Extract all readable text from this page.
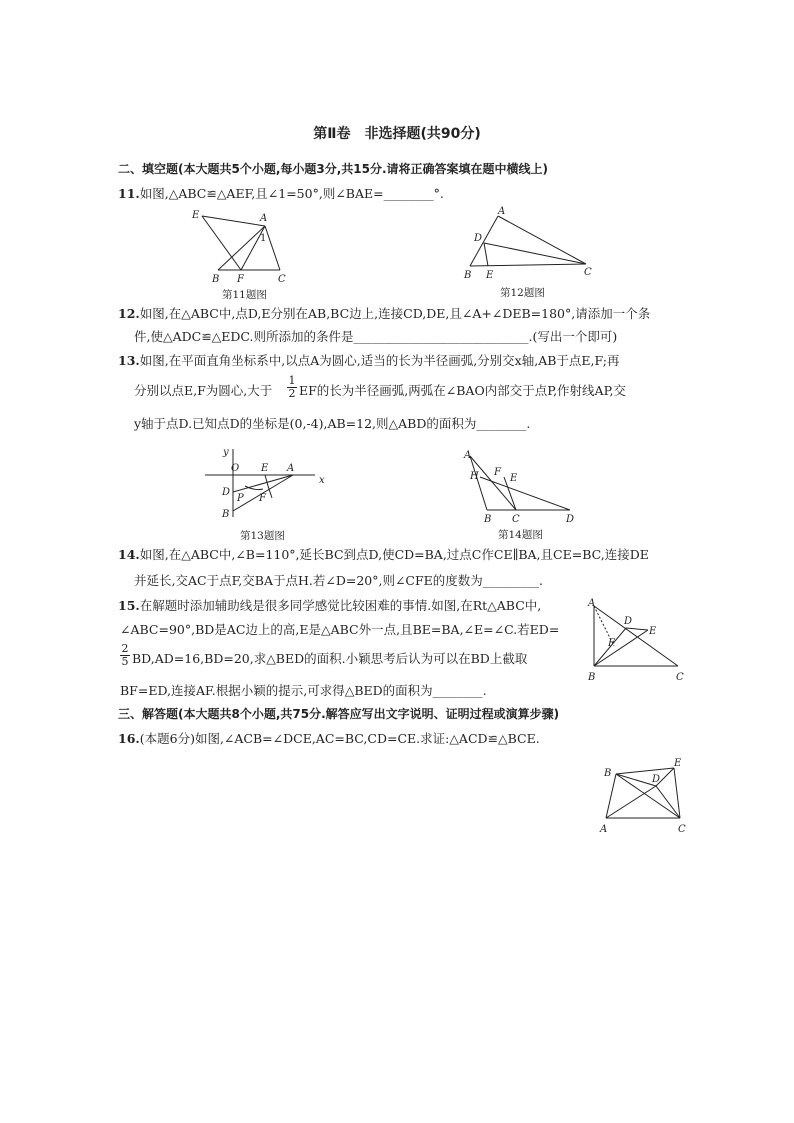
第Ⅱ卷　非选择题(共90分)
二、填空题(本大题共5个小题,每小题3分,共15分.请将正确答案填在题中横线上)
11.如图,△ABC≌△AEF,且∠1=50°,则∠BAE=________°.
E	A
1
B F	C
第11题图
A
D
B E	C
第12题图
12.如图,在△ABC中,点D,E分别在AB,BC边上,连接CD,DE,且∠A+∠DEB=180°,请添加一个条
件,使△ADC≌△EDC.则所添加的条件是____________________________.(写出一个即可)
13.如图,在平面直角坐标系中,以点A为圆心,适当的长为半径画弧,分别交x轴,AB于点E,F;再
分别以点E,F为圆心,大于 $\frac{1}{2}$ EF的长为半径画弧,两弧在∠BAO内部交于点P,作射线AP,交
y轴于点D.已知点D的坐标是(0,-4),AB=12,则△ABD的面积为________.
y
O E A
x
D
P F
B
第13题图
A
H F
E
B C	D
第14题图
14.如图,在△ABC中,∠B=110°,延长BC到点D,使CD=BA,过点C作CE∥BA,且CE=BC,连接DE
并延长,交AC于点F,交BA于点H.若∠D=20°,则∠CFE的度数为_________.
15.在解题时添加辅助线是很多同学感觉比较困难的事情.如图,在Rt△ABC中,
∠ABC=90°,BD是AC边上的高,E是△ABC外一点,且BE=BA,∠E=∠C.若ED=
$\frac{2}{5} BD,AD=16,BD=20$,求△BED的面积.小颖思考后认为可以在BD上截取
BF=ED,连接AF.根据小颖的提示,可求得△BED的面积为________.
A
D
E
F
B	C
三、解答题(本大题共8个小题,共75分.解答应写出文字说明、证明过程或演算步骤)
16.(本题6分)如图,∠ACB=∠DCE,AC=BC,CD=CE.求证:△ACD≌△BCE.
B
D
E
A	C
